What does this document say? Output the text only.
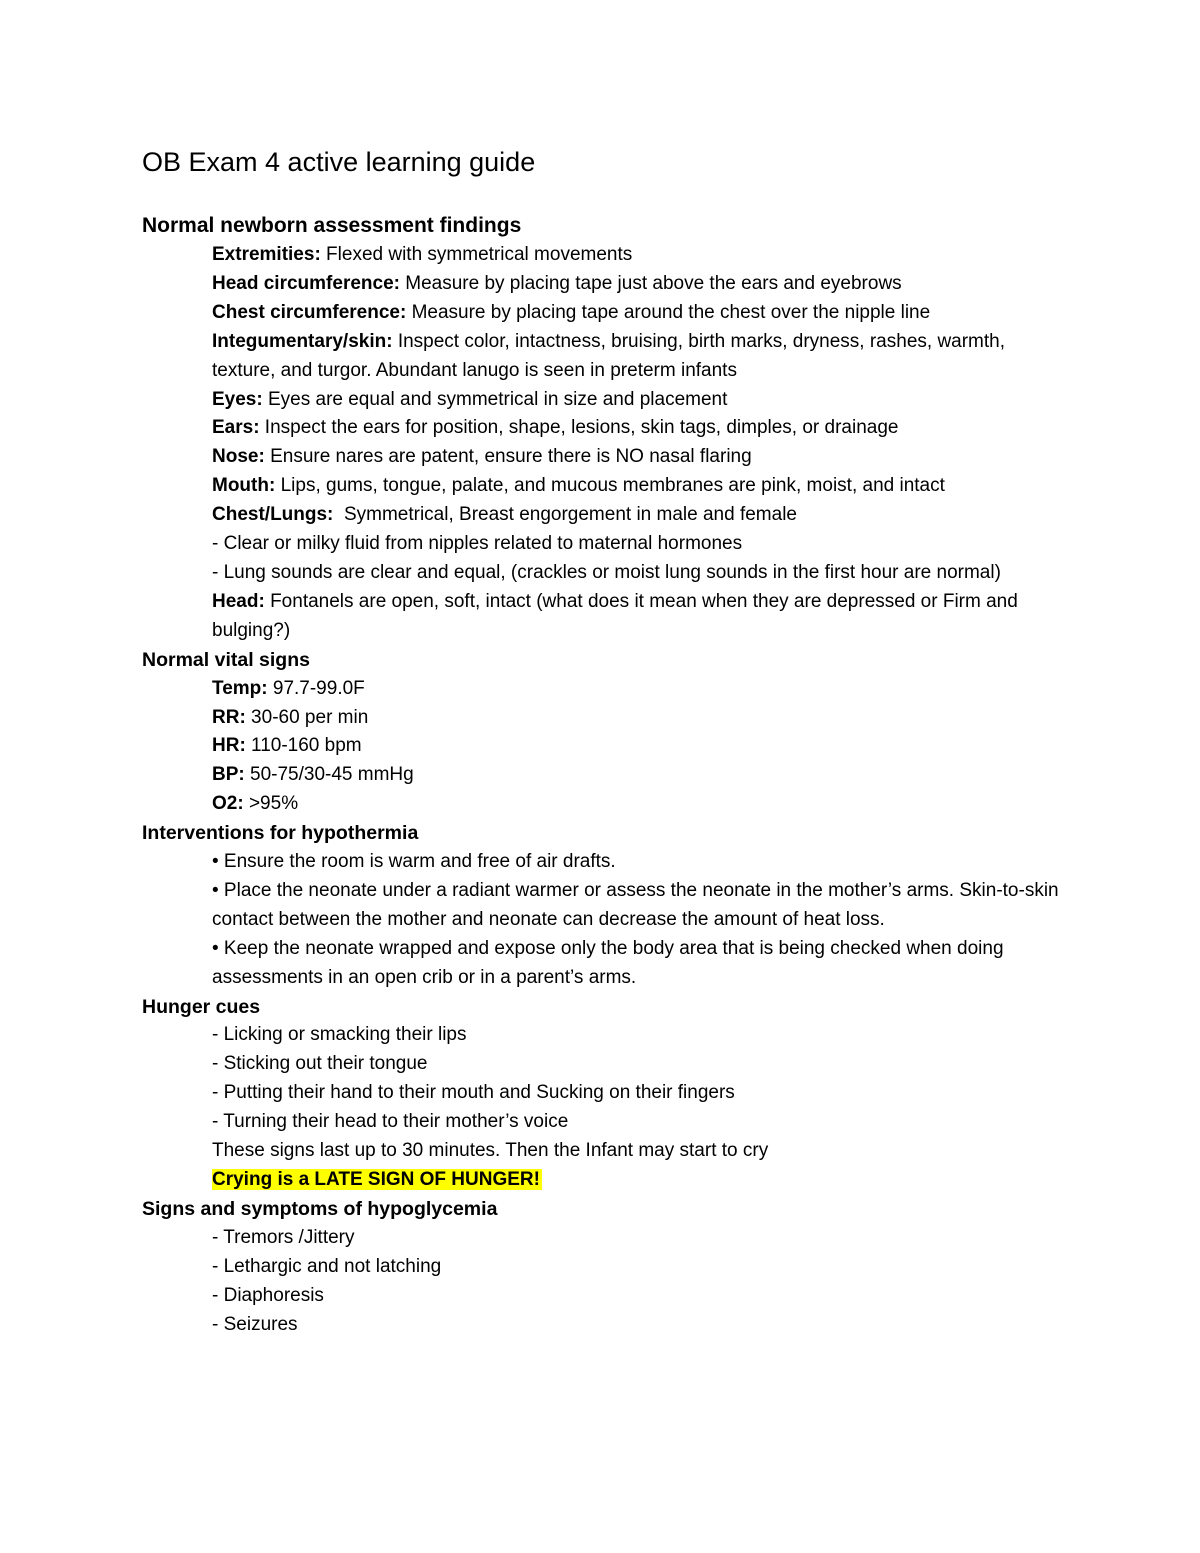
OB Exam 4 active learning guide
Normal newborn assessment findings
Extremities: Flexed with symmetrical movements
Head circumference: Measure by placing tape just above the ears and eyebrows
Chest circumference: Measure by placing tape around the chest over the nipple line
Integumentary/skin: Inspect color, intactness, bruising, birth marks, dryness, rashes, warmth, texture, and turgor. Abundant lanugo is seen in preterm infants
Eyes: Eyes are equal and symmetrical in size and placement
Ears: Inspect the ears for position, shape, lesions, skin tags, dimples, or drainage
Nose: Ensure nares are patent, ensure there is NO nasal flaring
Mouth: Lips, gums, tongue, palate, and mucous membranes are pink, moist, and intact
Chest/Lungs:  Symmetrical, Breast engorgement in male and female
- Clear or milky fluid from nipples related to maternal hormones
- Lung sounds are clear and equal, (crackles or moist lung sounds in the first hour are normal)
Head: Fontanels are open, soft, intact (what does it mean when they are depressed or Firm and bulging?)
Normal vital signs
Temp: 97.7-99.0F
RR: 30-60 per min
HR: 110-160 bpm
BP: 50-75/30-45 mmHg
O2: >95%
Interventions for hypothermia
• Ensure the room is warm and free of air drafts.
• Place the neonate under a radiant warmer or assess the neonate in the mother’s arms. Skin-to-skin contact between the mother and neonate can decrease the amount of heat loss.
• Keep the neonate wrapped and expose only the body area that is being checked when doing assessments in an open crib or in a parent’s arms.
Hunger cues
- Licking or smacking their lips
- Sticking out their tongue
- Putting their hand to their mouth and Sucking on their fingers
- Turning their head to their mother’s voice
These signs last up to 30 minutes. Then the Infant may start to cry
Crying is a LATE SIGN OF HUNGER!
Signs and symptoms of hypoglycemia
- Tremors /Jittery
- Lethargic and not latching
- Diaphoresis
- Seizures
